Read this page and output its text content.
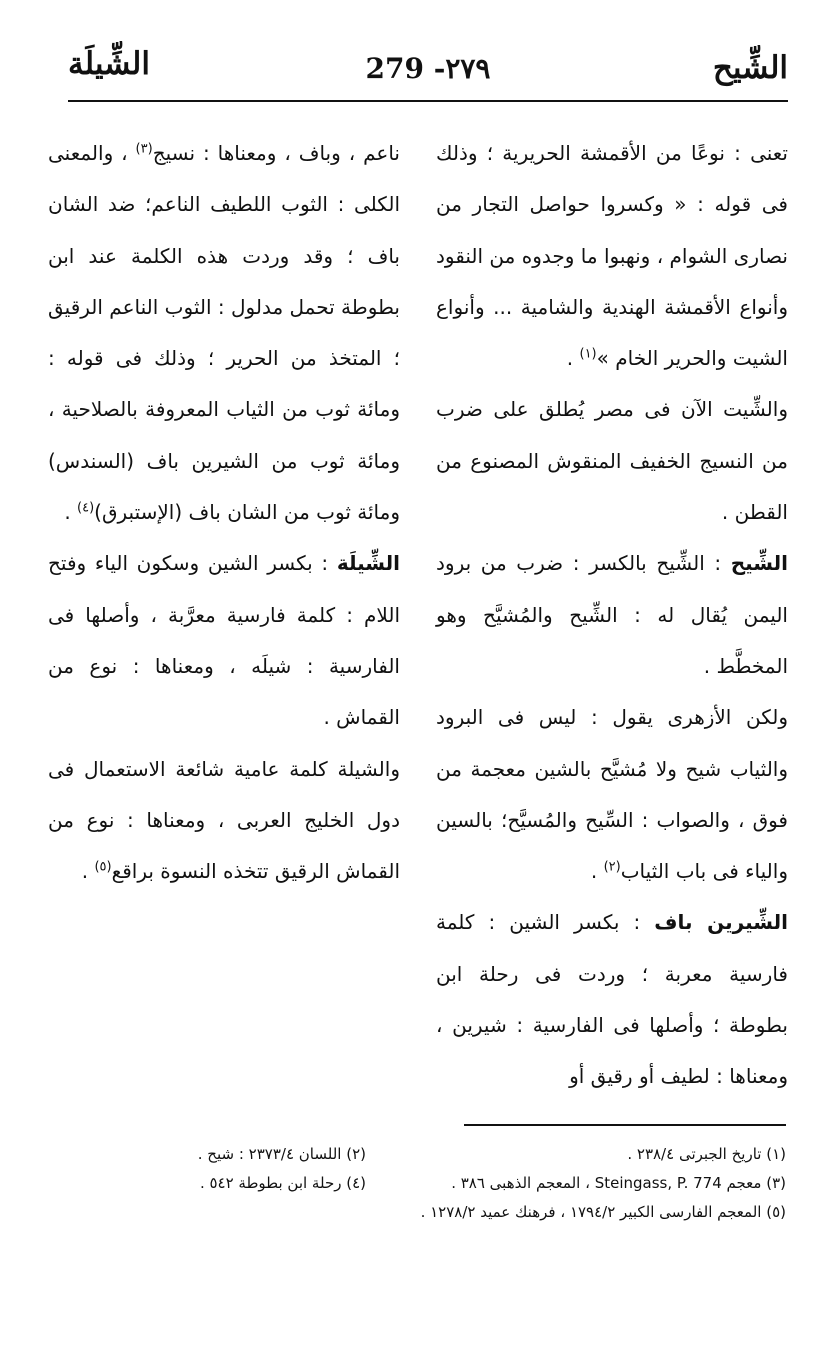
الشِّيح
279 -٢٧٩
الشِّيلَة

تعنى : نوعًا من الأقمشة الحريرية ؛ وذلك فى قوله : « وكسروا حواصل التجار من نصارى الشوام ، ونهبوا ما وجدوه من النقود وأنواع الأقمشة الهندية والشامية ... وأنواع الشيت والحرير الخام »$^{(١)}$ .

والشِّيت الآن فى مصر يُطلق على ضرب من النسيج الخفيف المنقوش المصنوع من القطن .

الشِّيح : الشِّيح بالكسر : ضرب من برود اليمن يُقال له : الشِّيح والمُشيَّح وهو المخطَّط .

ولكن الأزهرى يقول : ليس فى البرود والثياب شيح ولا مُشيَّح بالشين معجمة من فوق ، والصواب : السِّيح والمُسيَّح؛ بالسين والياء فى باب الثياب$^{(٢)}$ .

الشِّيرين باف : بكسر الشين : كلمة فارسية معربة ؛ وردت فى رحلة ابن بطوطة ؛ وأصلها فى الفارسية : شيرين ، ومعناها : لطيف أو رقيق أو

ناعم ، وباف ، ومعناها : نسيج$^{(٣)}$ ، والمعنى الكلى : الثوب اللطيف الناعم؛ ضد الشان باف ؛ وقد وردت هذه الكلمة عند ابن بطوطة تحمل مدلول : الثوب الناعم الرقيق ؛ المتخذ من الحرير ؛ وذلك فى قوله : ومائة ثوب من الثياب المعروفة بالصلاحية ، ومائة ثوب من الشيرين باف (السندس) ومائة ثوب من الشان باف (الإستبرق)$^{(٤)}$ .

الشِّيلَة : بكسر الشين وسكون الياء وفتح اللام : كلمة فارسية معرَّبة ، وأصلها فى الفارسية : شيلَه ، ومعناها : نوع من القماش .

والشيلة كلمة عامية شائعة الاستعمال فى دول الخليج العربى ، ومعناها : نوع من القماش الرقيق تتخذه النسوة براقع$^{(٥)}$ .

(١) تاريخ الجبرتى ٢٣٨/٤ .
(٢) اللسان ٢٣٧٣/٤ : شيح .
(٣) معجم Steingass, P. 774 ، المعجم الذهبى ٣٨٦ .
(٤) رحلة ابن بطوطة ٥٤٢ .
(٥) المعجم الفارسى الكبير ١٧٩٤/٢ ، فرهنك عميد ١٢٧٨/٢ .
